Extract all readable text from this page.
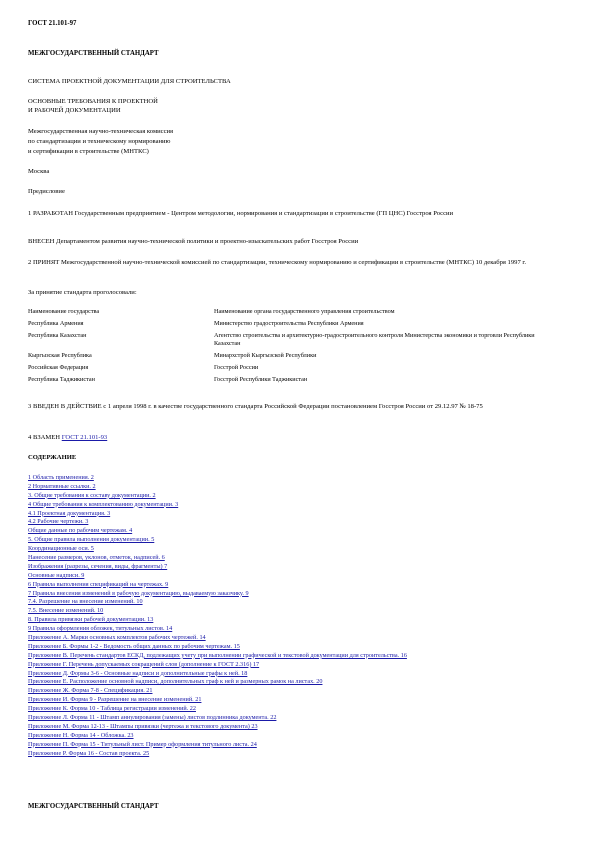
ГОСТ 21.101-97
МЕЖГОСУДАРСТВЕННЫЙ СТАНДАРТ
СИСТЕМА ПРОЕКТНОЙ ДОКУМЕНТАЦИИ ДЛЯ СТРОИТЕЛЬСТВА
ОСНОВНЫЕ ТРЕБОВАНИЯ К ПРОЕКТНОЙ
И РАБОЧЕЙ ДОКУМЕНТАЦИИ
Межгосударственная научно-техническая комиссия
по стандартизации и техническому нормированию
и сертификации в строительстве (МНТКС)
Москва
Предисловие
1 РАЗРАБОТАН Государственным предприятием - Центром методологии, нормирования и стандартизации в строительстве (ГП ЦНС) Госстроя России
ВНЕСЕН Департаментом развития научно-технической политики и проектно-изыскательских работ Госстроя России
2 ПРИНЯТ Межгосударственной научно-технической комиссией по стандартизации, техническому нормированию и сертификации в строительстве (МНТКС) 10 декабря 1997 г.
За принятие стандарта проголосовали:
Наименование государства	Наименование органа государственного управления строительством
Республика Армения	Министерство градостроительства Республики Армения
Республика Казахстан	Агентство строительства и архитектурно-градостроительного контроля Министерства экономики и торговли Республики Казахстан
Кыргызская Республика	Минархстрой Кыргызской Республики
Российская Федерация	Госстрой России
Республика Таджикистан	Госстрой Республики Таджикистан
3 ВВЕДЕН В ДЕЙСТВИЕ с 1 апреля 1998 г. в качестве государственного стандарта Российской Федерации постановлением Госстроя России от 29.12.97 № 18-75
4 ВЗАМЕН ГОСТ 21.101-93
СОДЕРЖАНИЕ
1 Область применения. 2
2 Нормативные ссылки. 2
3. Общие требования к составу документации. 2
4 Общие требования к комплектованию документации. 3
4.1 Проектная документация. 3
4.2 Рабочие чертежи. 3
Общие данные по рабочим чертежам. 4
5. Общие правила выполнения документации. 5
Координационные оси. 5
Нанесение размеров, уклонов, отметок, надписей. 6
Изображения (разрезы, сечения, виды, фрагменты) 7
Основные надписи. 9
6 Правила выполнения спецификаций на чертежах. 9
7 Правила внесения изменений в рабочую документацию, выдаваемую заказчику. 9
7.4. Разрешение на внесение изменений. 10
7.5. Внесение изменений. 10
8. Правила привязки рабочей документации. 13
9 Правила оформления обложек, титульных листов. 14
Приложение А. Марки основных комплектов рабочих чертежей. 14
Приложение Б. Формы 1-2 - Ведомость общих данных по рабочим чертежам. 15
Приложение В. Перечень стандартов ЕСКД, подлежащих учету при выполнении графической и текстовой документации для строительства. 16
Приложение Г. Перечень допускаемых сокращений слов (дополнение к ГОСТ 2.316) 17
Приложение Д. Формы 3-6 - Основные надписи и дополнительные графы к ней. 18
Приложение Е. Расположение основной надписи, дополнительных граф к ней и размерных рамок на листах. 20
Приложение Ж. Форма 7-8 - Спецификация. 21
Приложение И. Форма 9 - Разрешение на внесение изменений. 21
Приложение К. Форма 10 - Таблица регистрации изменений. 22
Приложение Л. Форма 11 - Штамп аннулирования (замены) листов подлинника документа. 22
Приложение М. Форма 12-13 - Штампы привязки (чертежа и текстового документа) 23
Приложение Н. Форма 14 - Обложка. 23
Приложение П. Форма 15 - Титульный лист. Пример оформления титульного листа. 24
Приложение Р. Форма 16 - Состав проекта. 25
МЕЖГОСУДАРСТВЕННЫЙ СТАНДАРТ
